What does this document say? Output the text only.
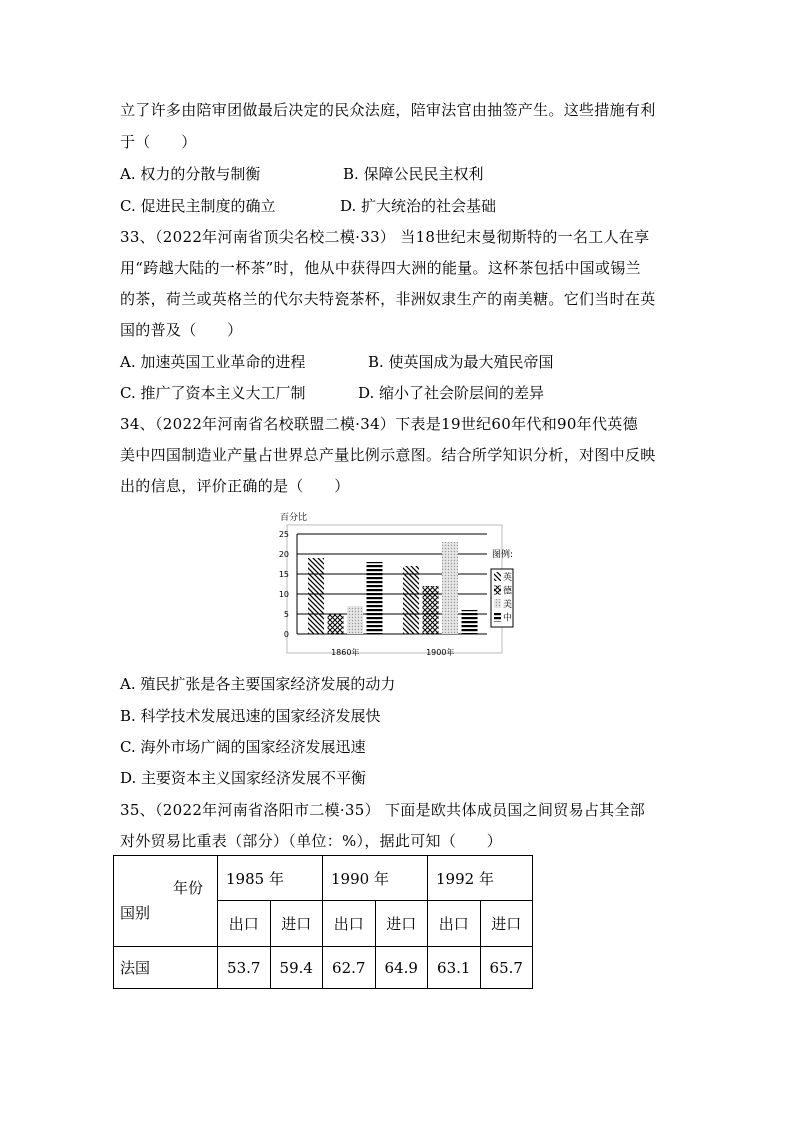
立了许多由陪审团做最后决定的民众法庭，陪审法官由抽签产生。这些措施有利
于（　　）
A. 权力的分散与制衡	B. 保障公民民主权利
C. 促进民主制度的确立	D. 扩大统治的社会基础
33、（2022年河南省顶尖名校二模·33） 当18世纪末曼彻斯特的一名工人在享
用“跨越大陆的一杯茶”时，他从中获得四大洲的能量。这杯茶包括中国或锡兰
的茶，荷兰或英格兰的代尔夫特瓷茶杯，非洲奴隶生产的南美糖。它们当时在英
国的普及（　　）
A. 加速英国工业革命的进程	B. 使英国成为最大殖民帝国
C. 推广了资本主义大工厂制	D. 缩小了社会阶层间的差异
34、（2022年河南省名校联盟二模·34）下表是19世纪60年代和90年代英德
美中四国制造业产量占世界总产量比例示意图。结合所学知识分析，对图中反映
出的信息，评价正确的是（　　）
百分比
0
5
10
15
20
25
1860年	1900年
图例:
英
德
美
中
A. 殖民扩张是各主要国家经济发展的动力
B. 科学技术发展迅速的国家经济发展快
C. 海外市场广阔的国家经济发展迅速
D. 主要资本主义国家经济发展不平衡
35、（2022年河南省洛阳市二模·35） 下面是欧共体成员国之间贸易占其全部
对外贸易比重表（部分）（单位：%），据此可知（　　）
年份
国别	1985 年		1990 年		1992 年	
	出口	进口	出口	进口	出口	进口
法国	53.7	59.4	62.7	64.9	63.1	65.7
